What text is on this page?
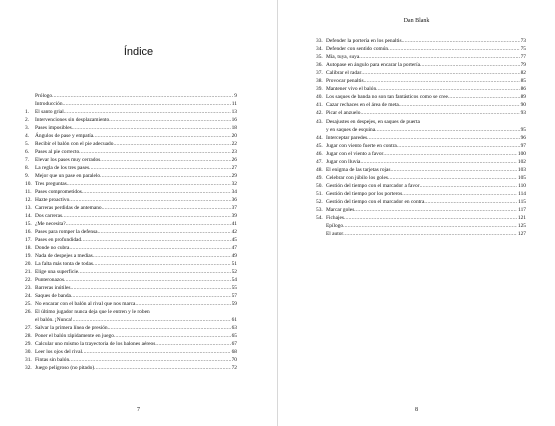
Índice
Prólogo .....	9
Introducción .....	11
1.	El santo grial .....	13
2.	Intervenciones sin desplazamiento .....	16
3.	Pases imposibles .....	18
4.	Ángulos de pase y empatía .....	20
5.	Recibir el balón con el pie adecuado .....	22
6.	Pases al pie correcto .....	23
7.	Elevar los pases muy cerrados .....	26
8.	La regla de los tres pases .....	27
9.	Mejor que un pase en paralelo .....	29
10. Tres preguntas .....	32
11. Pases comprometidos .....	34
12. Hazte proactivo .....	36
13. Carreras perdidas de antemano .....	37
14. Dos carreras .....	39
15. ¿Me necesita? .....	41
16. Pases para romper la defensa .....	42
17. Pases en profundidad .....	45
18. Donde no cubra .....	47
19. Nada de despejes a medias .....	49
20. La falta más tonta de todas .....	51
21. Elige una superficie .....	52
22. Punteronazos .....	54
23. Barreras inútiles .....	55
24. Saques de banda .....	57
25. No encarar con el balón al rival que nos marca .....	59
26. El último jugador nunca deja que le entren y le roben
el balón. ¡Nunca! .....	61
27. Salvar la primera línea de presión .....	63
28. Poner el balón rápidamente en juego .....	65
29. Calcular uno mismo la trayectoria de los balones aéreos .....	67
30. Leer los ojos del rival .....	68
31. Fintas sin balón .....	70
32. Juego peligroso (no pitado) .....	72
7
Dan Blank
33. Defender la portería en los penaltis .....	73
34. Defender con sentido común .....	75
35. Mía, tuya, suya .....	77
36. Autopase en ángulo para encarar la portería .....	79
37. Calibrar el radar .....	82
38. Provocar penaltis .....	85
39. Mantener vivo el balón .....	86
40. Los saques de banda no son tan fantásticos como se cree .....	89
41. Cazar rechaces en el área de meta .....	90
42. Picar el anzuelo .....	93
43. Desajustes en despejes, en saques de puerta
y en saques de esquina .....	95
44. Interceptar paredes .....	96
45. Jugar con viento fuerte en contra .....	97
46. Jugar con el viento a favor .....	100
47. Jugar con lluvia .....	102
48. El enigma de las tarjetas rojas .....	103
49. Celebrar con júbilo los goles .....	105
50. Gestión del tiempo con el marcador a favor .....	110
51. Gestión del tiempo por los porteros .....	114
52. Gestión del tiempo con el marcador en contra .....	115
53. Marcar goles .....	117
54. Fichajes .....	121
Epílogo .....	125
El autor .....	127
8
